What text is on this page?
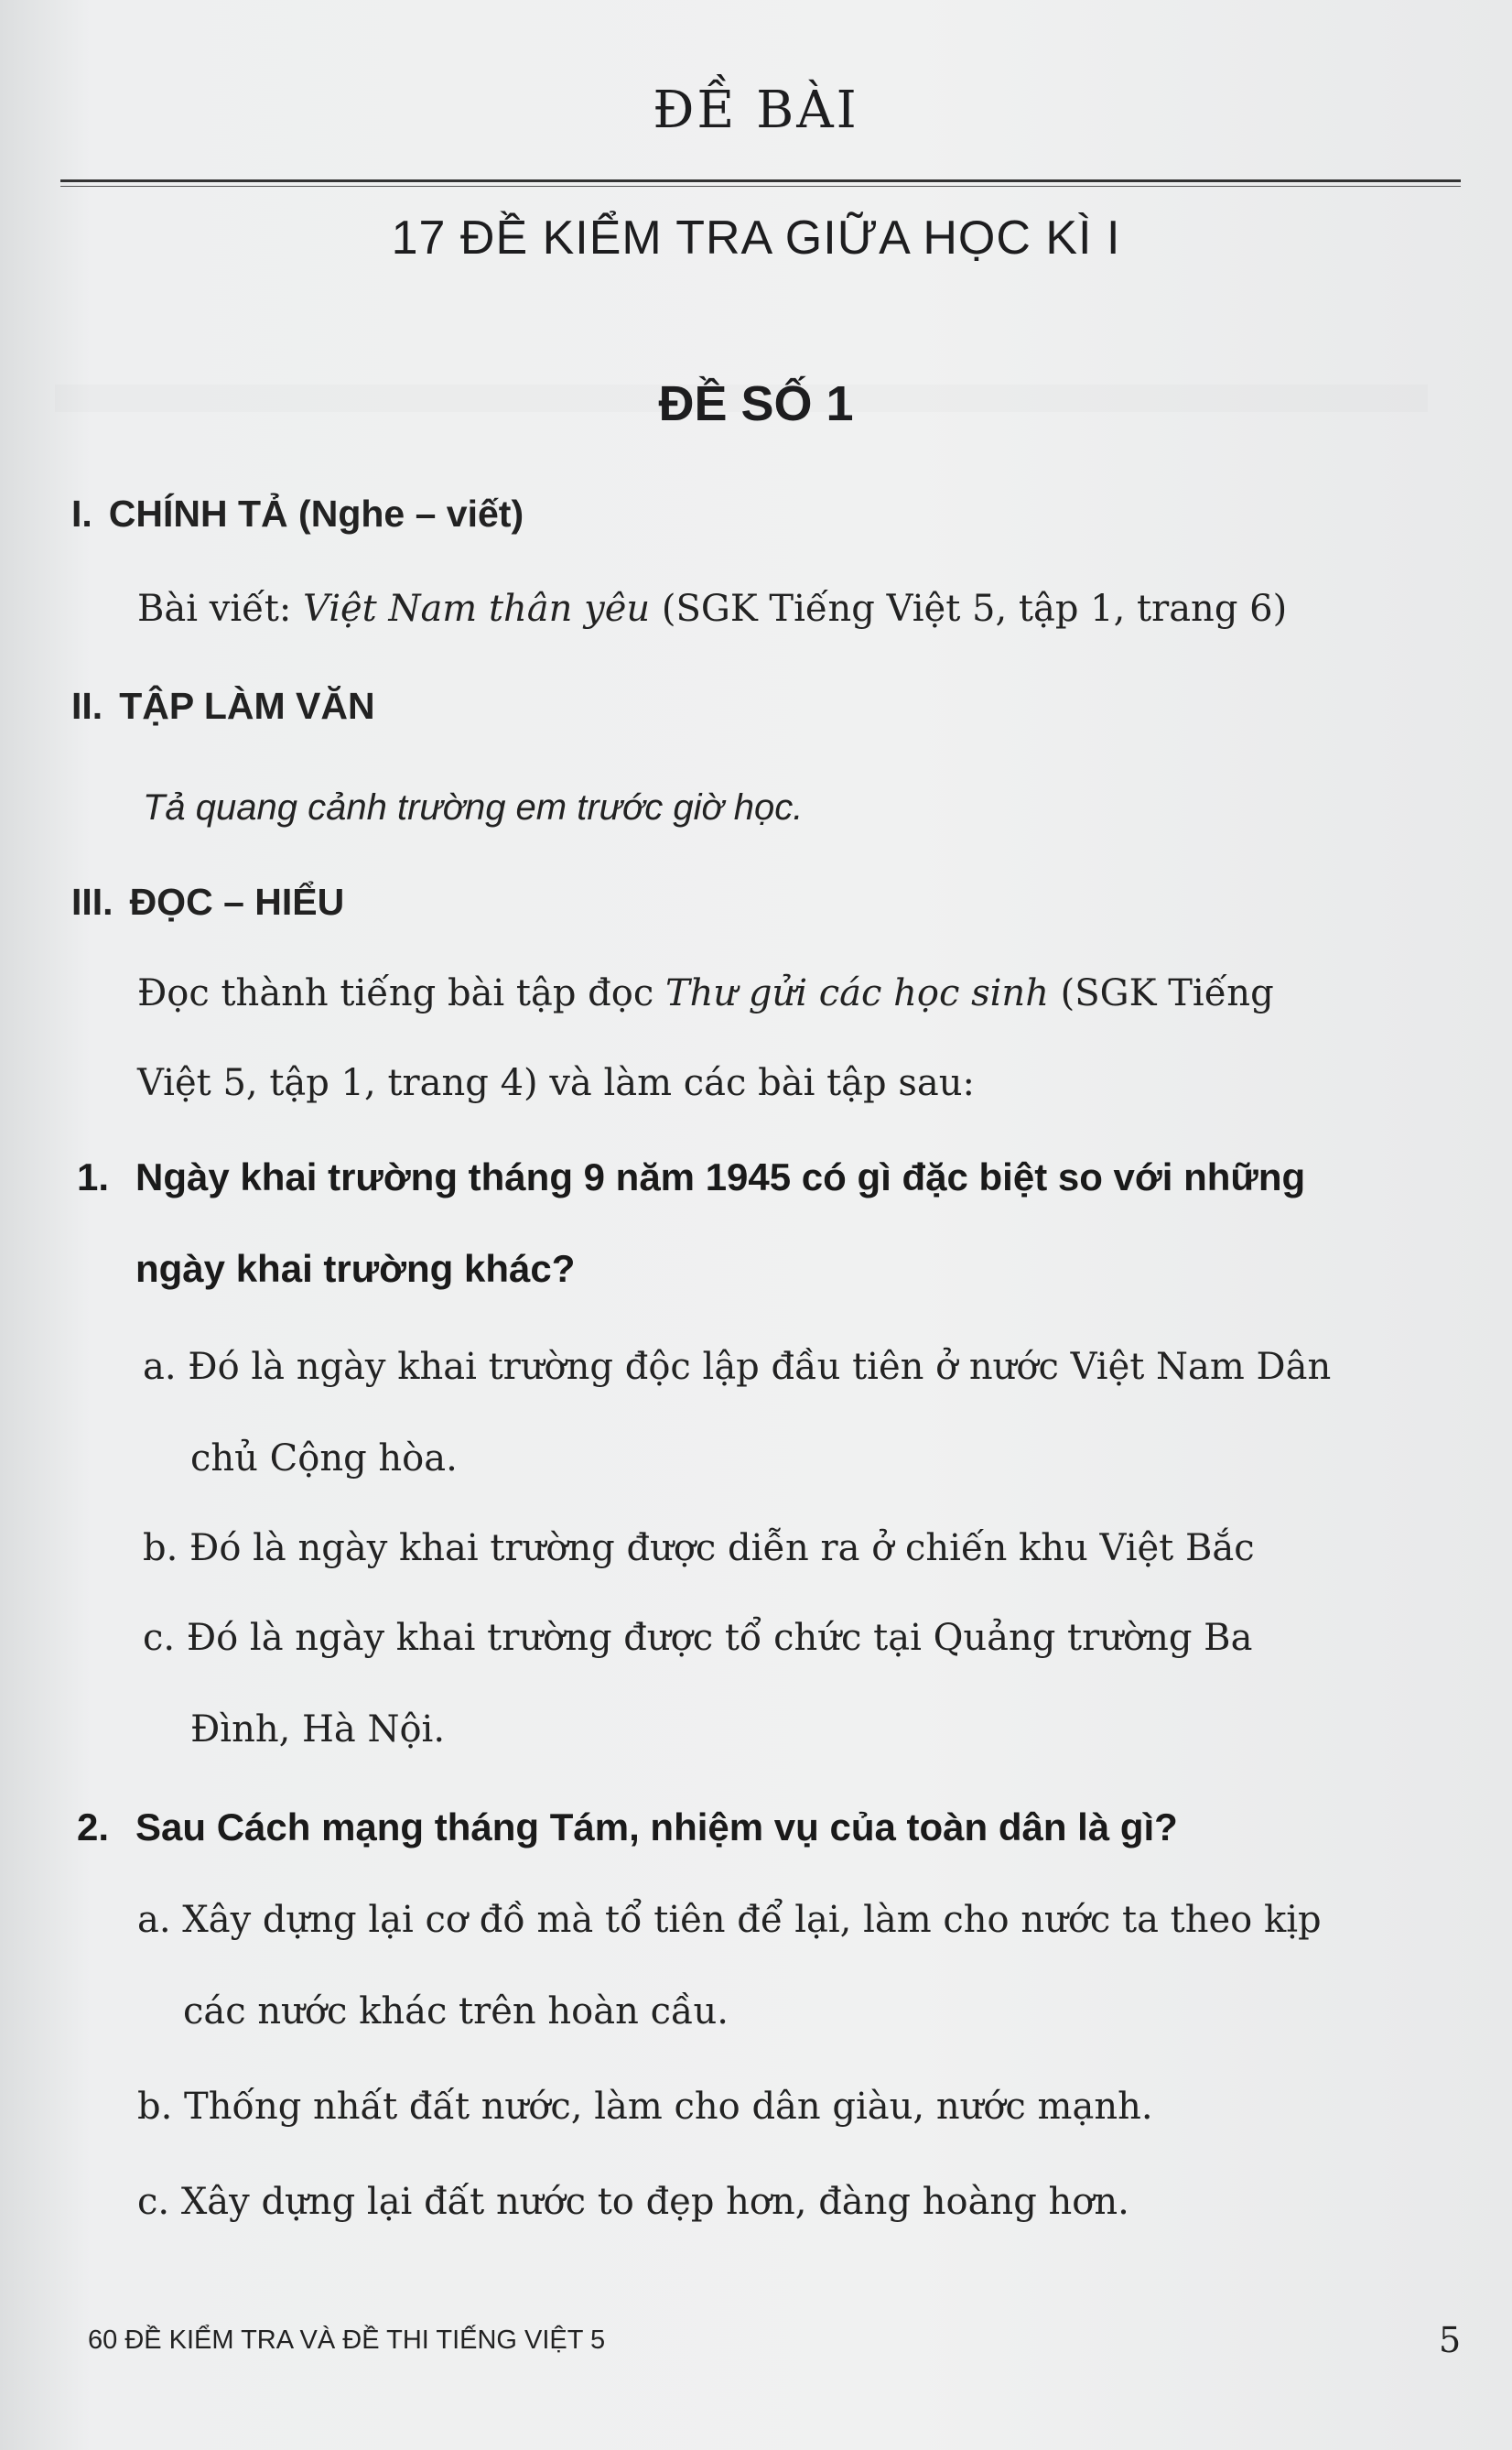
ĐỀ BÀI
17 ĐỀ KIỂM TRA GIỮA HỌC KÌ I
ĐỀ SỐ 1
I. CHÍNH TẢ (Nghe – viết)
Bài viết: Việt Nam thân yêu (SGK Tiếng Việt 5, tập 1, trang 6)
II. TẬP LÀM VĂN
Tả quang cảnh trường em trước giờ học.
III. ĐỌC – HIỂU
Đọc thành tiếng bài tập đọc Thư gửi các học sinh (SGK Tiếng
Việt 5, tập 1, trang 4) và làm các bài tập sau:
1. Ngày khai trường tháng 9 năm 1945 có gì đặc biệt so với những
ngày khai trường khác?
a. Đó là ngày khai trường độc lập đầu tiên ở nước Việt Nam Dân
chủ Cộng hòa.
b. Đó là ngày khai trường được diễn ra ở chiến khu Việt Bắc
c. Đó là ngày khai trường được tổ chức tại Quảng trường Ba
Đình, Hà Nội.
2. Sau Cách mạng tháng Tám, nhiệm vụ của toàn dân là gì?
a. Xây dựng lại cơ đồ mà tổ tiên để lại, làm cho nước ta theo kịp
các nước khác trên hoàn cầu.
b. Thống nhất đất nước, làm cho dân giàu, nước mạnh.
c. Xây dựng lại đất nước to đẹp hơn, đàng hoàng hơn.
60 ĐỀ KIỂM TRA VÀ ĐỀ THI TIẾNG VIỆT 5	5
